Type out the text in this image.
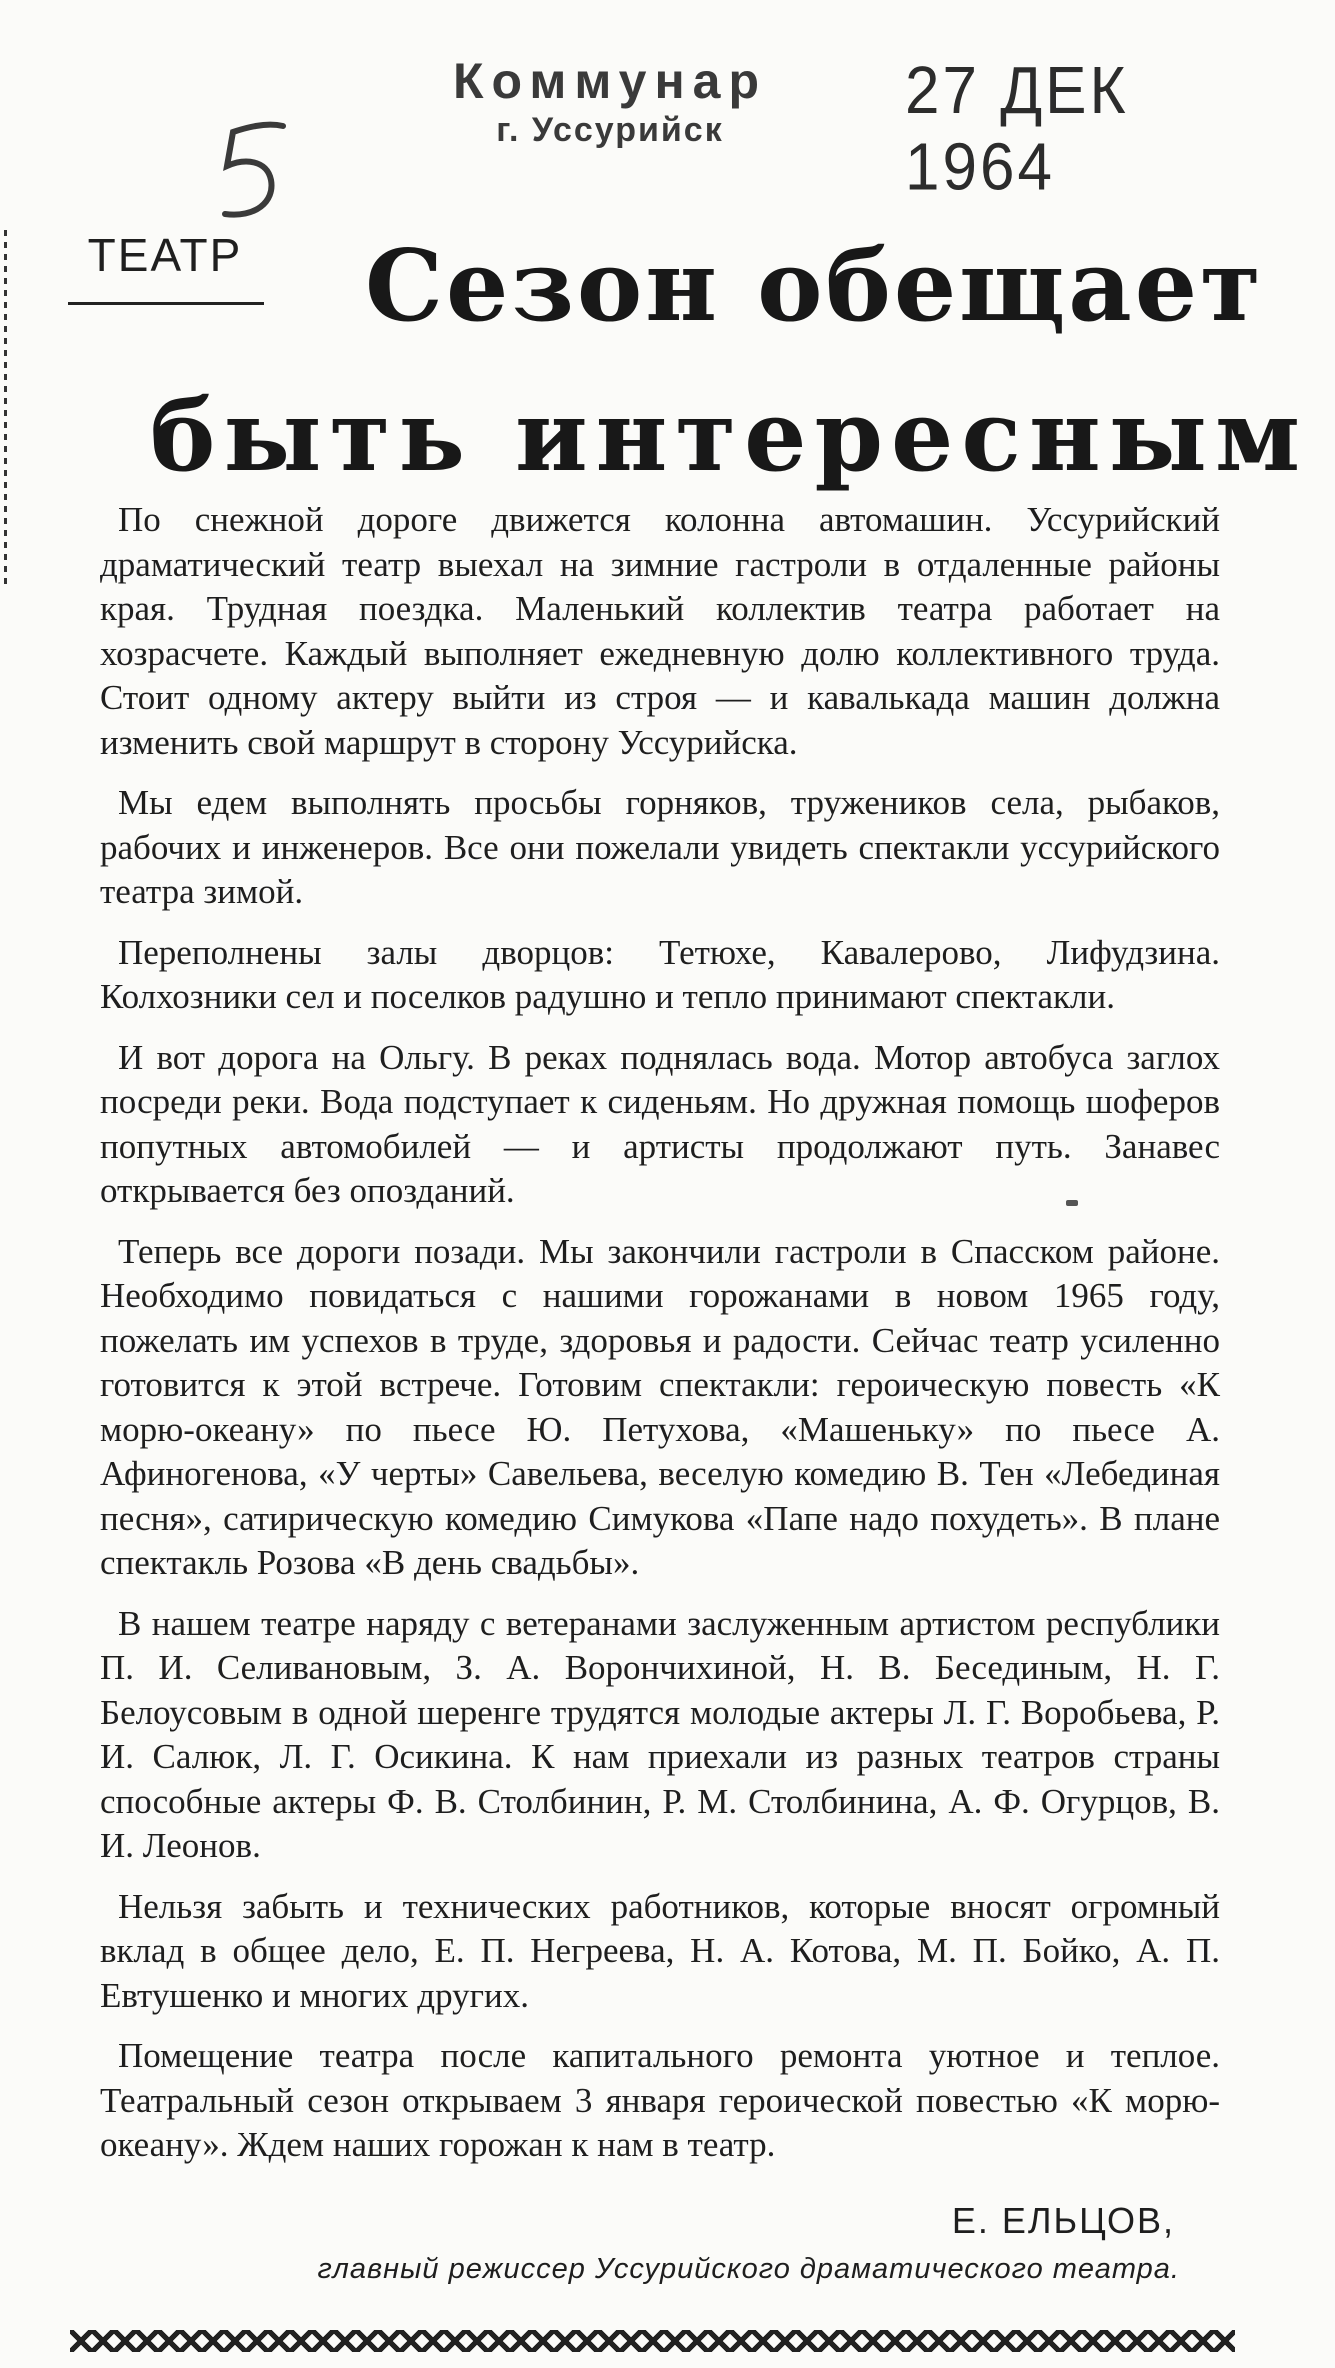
Коммунар
г. Уссурийск
27 ДЕК 1964
ТЕАТР	Сезон обещает
быть интересным

По снежной дороге движется колонна автомашин. Уссурийский драматический театр выехал на зимние гастроли в отдаленные районы края. Трудная поездка. Маленький коллектив театра работает на хозрасчете. Каждый выполняет ежедневную долю коллективного труда. Стоит одному актеру выйти из строя — и кавалькада машин должна изменить свой маршрут в сторону Уссурийска.

Мы едем выполнять просьбы горняков, тружеников села, рыбаков, рабочих и инженеров. Все они пожелали увидеть спектакли уссурийского театра зимой.

Переполнены залы дворцов: Тетюхе, Кавалерово, Лифудзина. Колхозники сел и поселков радушно и тепло принимают спектакли.

И вот дорога на Ольгу. В реках поднялась вода. Мотор автобуса заглох посреди реки. Вода подступает к сиденьям. Но дружная помощь шоферов попутных автомобилей — и артисты продолжают путь. Занавес открывается без опозданий.

Теперь все дороги позади. Мы закончили гастроли в Спасском районе. Необходимо повидаться с нашими горожанами в новом 1965 году, пожелать им успехов в труде, здоровья и радости. Сейчас театр усиленно готовится к этой встрече. Готовим спектакли: героическую повесть «К морю-океану» по пьесе Ю. Петухова, «Машеньку» по пьесе А. Афиногенова, «У черты» Савельева, веселую комедию В. Тен «Лебединая песня», сатирическую комедию Симукова «Папе надо похудеть». В плане спектакль Розова «В день свадьбы».

В нашем театре наряду с ветеранами заслуженным артистом республики П. И. Селивановым, З. А. Ворончихиной, Н. В. Бесединым, Н. Г. Белоусовым в одной шеренге трудятся молодые актеры Л. Г. Воробьева, Р. И. Салюк, Л. Г. Осикина. К нам приехали из разных театров страны способные актеры Ф. В. Столбинин, Р. М. Столбинина, А. Ф. Огурцов, В. И. Леонов.

Нельзя забыть и технических работников, которые вносят огромный вклад в общее дело, Е. П. Негреева, Н. А. Котова, М. П. Бойко, А. П. Евтушенко и многих других.

Помещение театра после капитального ремонта уютное и теплое. Театральный сезон открываем 3 января героической повестью «К морю-океану». Ждем наших горожан к нам в театр.

Е. ЕЛЬЦОВ,
главный режиссер Уссурийского драматического театра.
